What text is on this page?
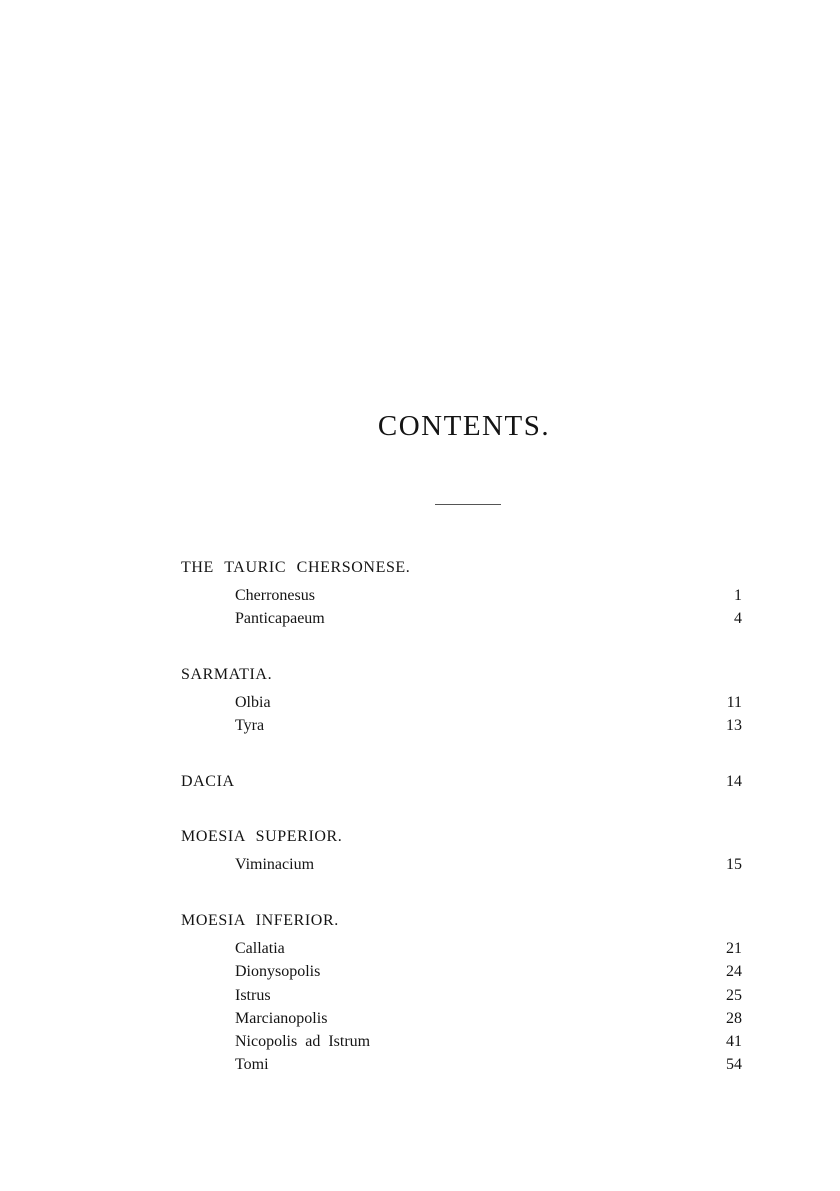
CONTENTS.
THE TAURIC CHERSONESE.
Cherronesus	1
Panticapaeum	4
SARMATIA.
Olbia	11
Tyra	13
DACIA	14
MOESIA SUPERIOR.
Viminacium	15
MOESIA INFERIOR.
Callatia	21
Dionysopolis	24
Istrus	25
Marcianopolis	28
Nicopolis ad Istrum	41
Tomi	54
